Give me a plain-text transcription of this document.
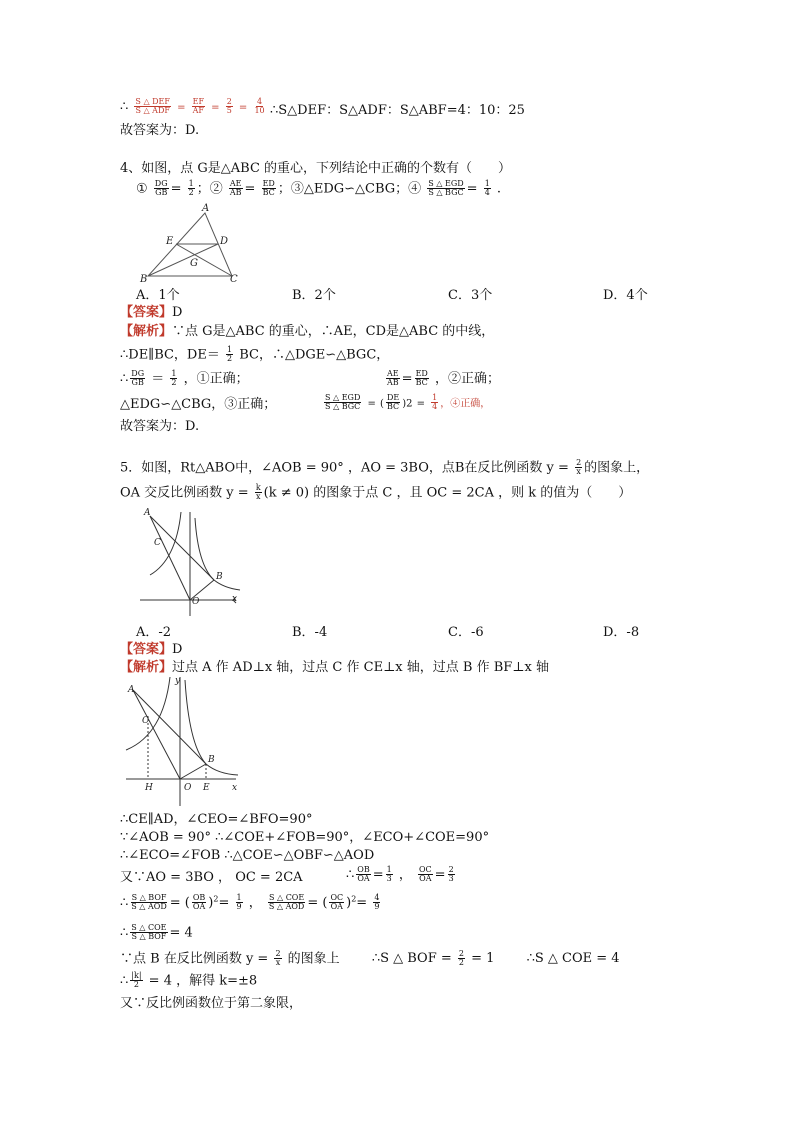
∴ $\frac{\text{S △ DEF}}{\text{S △ ADF}} = \frac{EF}{AF} = \frac{2}{5} = \frac{4}{10}$ ∴S△DEF：S△ADF：S△ABF=4：10：25
故答案为：D.
4、如图，点 G是△ABC 的重心，下列结论中正确的个数有（　　）
① $\frac{DG}{GB} = \frac{1}{2}$ ；② $\frac{AE}{AB} = \frac{ED}{BC}$ ；③△EDG∽△CBG；④ $\frac{\text{S △ EGD}}{\text{S △ BGC}} = \frac{1}{4}$ .
A
E	D
G
B	C
A．1个	B．2个	C．3个	D．4个
【答案】D
【解析】∵点 G是△ABC 的重心，∴AE，CD是△ABC 的中线，
∴DE∥BC，$DE= \frac{1}{2}$ BC，∴△DGE∽△BGC，
∴ $\frac{DG}{GB} = \frac{1}{2}$ ，①正确；	$\frac{AE}{AB} = \frac{ED}{BC}$ ，②正确；
△EDG∽△CBG，③正确；	$\frac{\text{S △ EGD}}{\text{S △ BGC}}$ = ( $\frac{DE}{BC} )2 = \frac{1}{4}$ ，④正确，
故答案为：D.
5．如图，Rt△ABO中，∠AOB = 90° ，AO = 3BO，点B在反比例函数 $y = \frac{2}{x}$ 的图象上，
OA 交反比例函数 $y = \frac{k}{x} (k \ne 0)$ 的图象于点 C ，且 OC = 2CA ，则 k 的值为（　　）
A
C
B
O	x
A．-2	B．-4	C．-6	D．-8
【答案】D
【解析】过点 A 作 AD⊥x 轴，过点 C 作 CE⊥x 轴，过点 B 作 BF⊥x 轴
A
C
B
H	O E x
y
∴CE∥AD，∠CEO=∠BFO=90°
∵∠AOB = 90° ∴∠COE+∠FOB=90°，∠ECO+∠COE=90°
∴∠ECO=∠FOB ∴△COE∽△OBF∽△AOD
又∵AO = 3BO ， OC = 2CA	∴ $\frac{OB}{OA} = \frac{1}{3}$ ， $\frac{OC}{OA} = \frac{2}{3}$
∴ $\frac{\text{S △ BOF}}{\text{S △ AOD}}$ = ( $\frac{OB}{OA} )^2= \frac{1}{9}$ ， $\frac{\text{S △ COE}}{\text{S △ AOD}}$ = ( $\frac{OC}{OA} )^2= \frac{4}{9}$
∴ $\frac{\text{S △ COE}}{\text{S △ BOF}} = 4$
∵点 B 在反比例函数 $y = \frac{2}{x}$ 的图象上 ∴S △ BOF = $\frac{2}{2} = 1$ ∴S △ COE = 4
∴ $\frac{|k|}{2} = 4$ ，解得 k=±8
又∵反比例函数位于第二象限，
